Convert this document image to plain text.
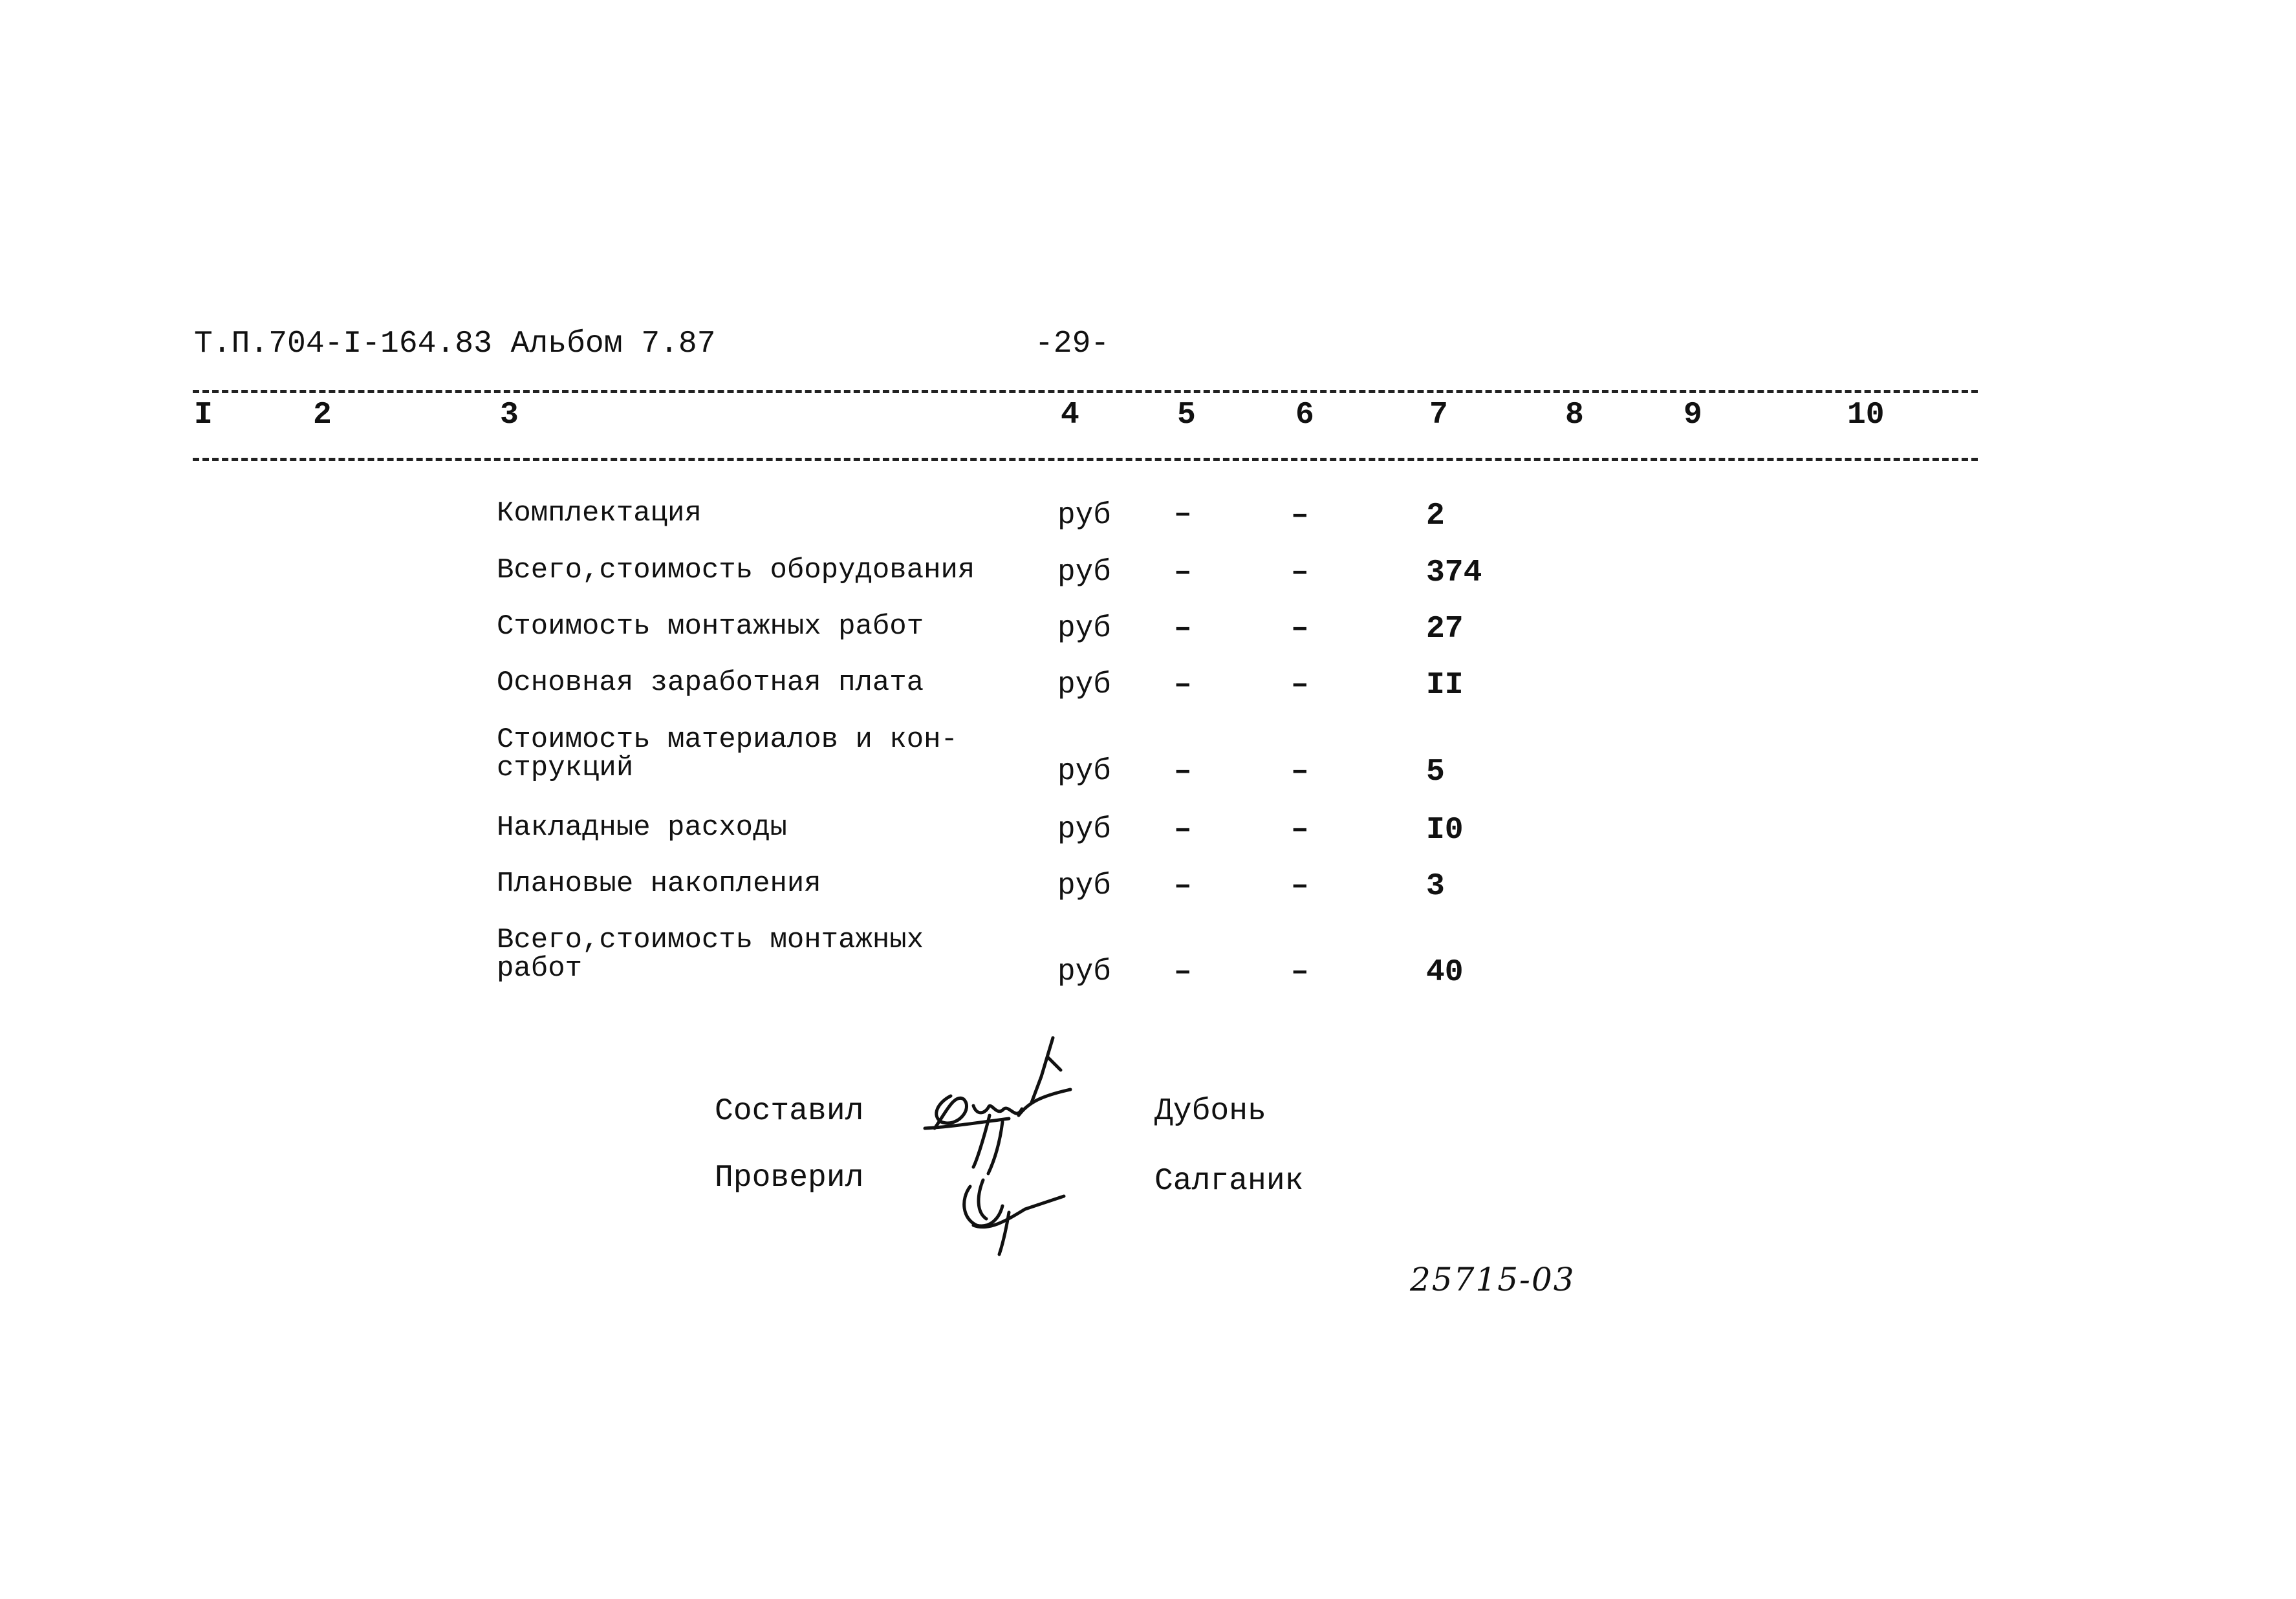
Т.П.704-I-164.83 Альбом 7.87	-29-
I	2	3	4	5	6	7	8	9	10
Комплектация	руб –	–	2
Всего,стоимость оборудования	руб –	–	374
Стоимость монтажных работ	руб –	–	27
Основная заработная плата	руб –	–	II
Стоимость материалов и кон-
струкций	руб –	–	5
Накладные расходы	руб –	–	I0
Плановые накопления	руб –	–	3
Всего,стоимость монтажных
работ	руб –	–	40
Составил
Проверил
Дубонь
Салганик
25715-03
